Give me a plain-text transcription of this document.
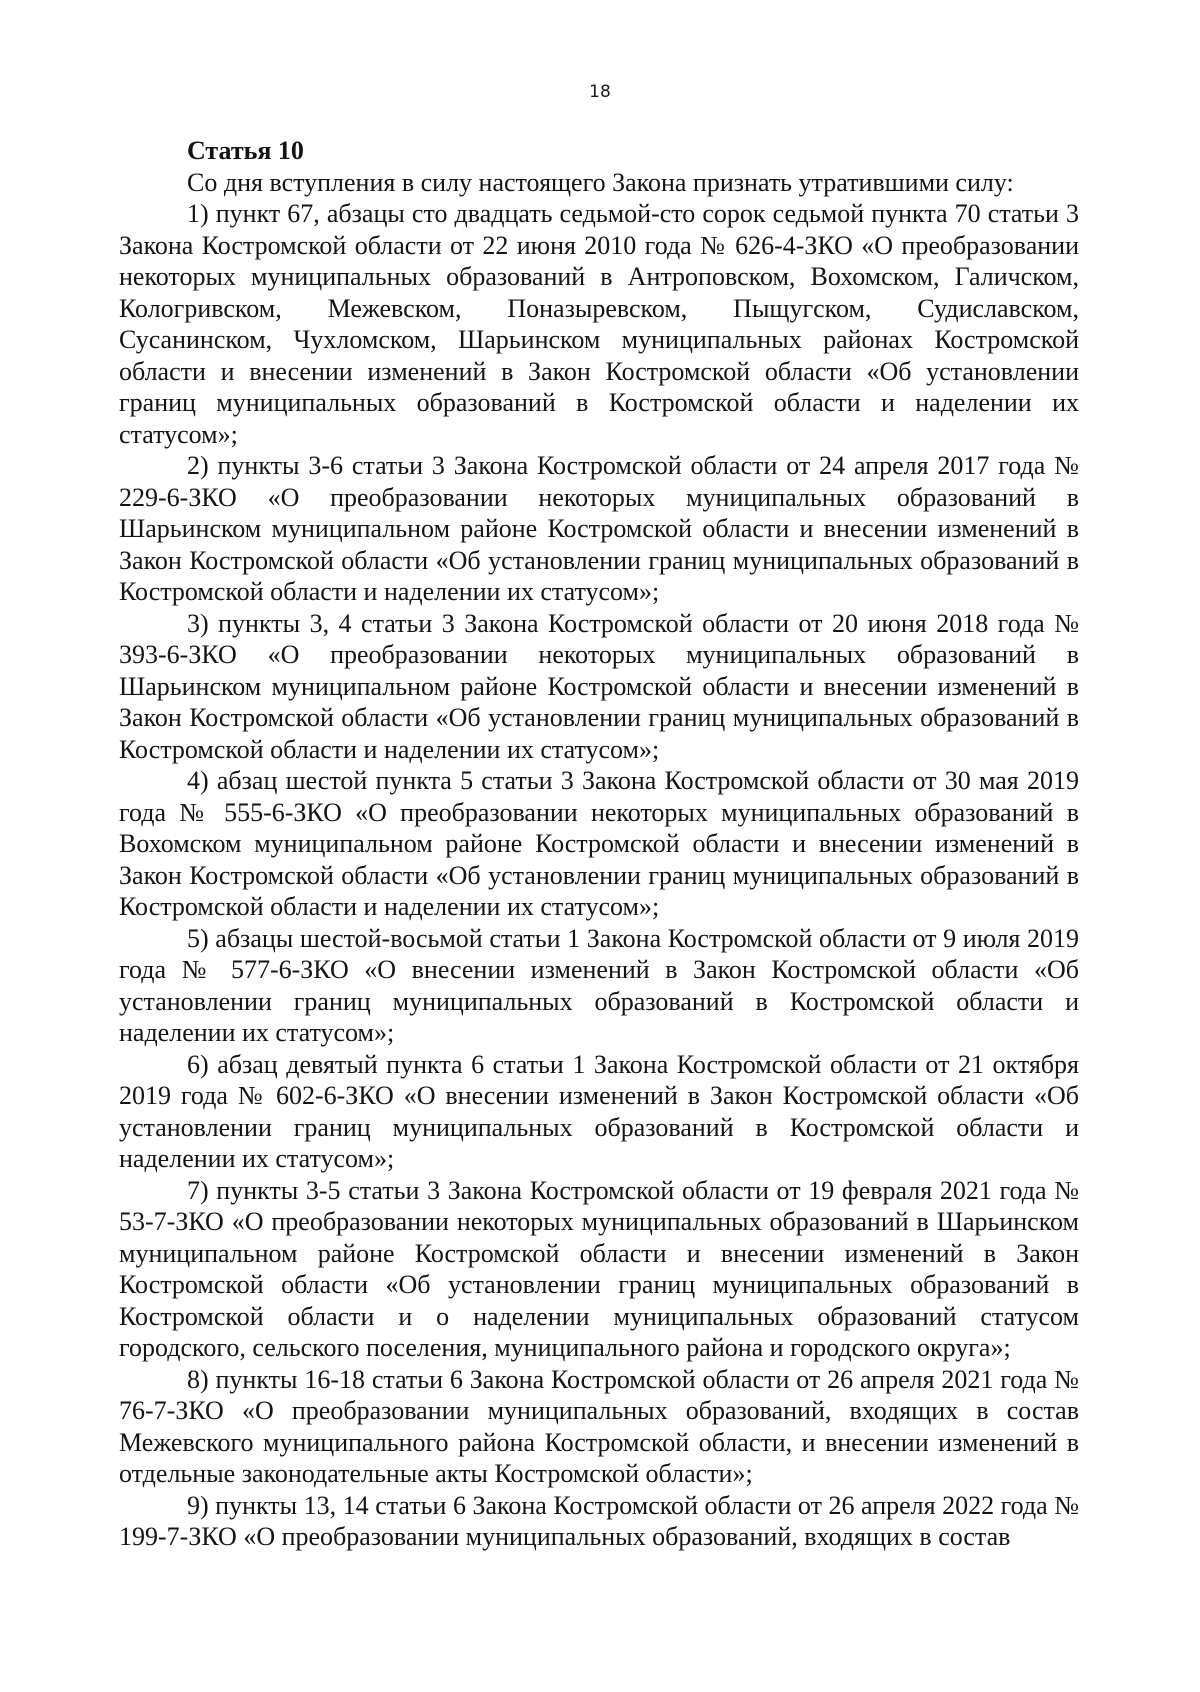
18

Статья 10

Со дня вступления в силу настоящего Закона признать утратившими силу:

1) пункт 67, абзацы сто двадцать седьмой-сто сорок седьмой пункта 70 статьи 3 Закона Костромской области от 22 июня 2010 года № 626-4-ЗКО «О преобразовании некоторых муниципальных образований в Антроповском, Вохомском, Галичском, Кологривском, Межевском, Поназыревском, Пыщугском, Судиславском, Сусанинском, Чухломском, Шарьинском муниципальных районах Костромской области и внесении изменений в Закон Костромской области «Об установлении границ муниципальных образований в Костромской области и наделении их статусом»;

2) пункты 3-6 статьи 3 Закона Костромской области от 24 апреля 2017 года № 229-6-ЗКО «О преобразовании некоторых муниципальных образований в Шарьинском муниципальном районе Костромской области и внесении изменений в Закон Костромской области «Об установлении границ муниципальных образований в Костромской области и наделении их статусом»;

3) пункты 3, 4 статьи 3 Закона Костромской области от 20 июня 2018 года № 393-6-ЗКО «О преобразовании некоторых муниципальных образований в Шарьинском муниципальном районе Костромской области и внесении изменений в Закон Костромской области «Об установлении границ муниципальных образований в Костромской области и наделении их статусом»;

4) абзац шестой пункта 5 статьи 3 Закона Костромской области от 30 мая 2019 года № 555-6-ЗКО «О преобразовании некоторых муниципальных образований в Вохомском муниципальном районе Костромской области и внесении изменений в Закон Костромской области «Об установлении границ муниципальных образований в Костромской области и наделении их статусом»;

5) абзацы шестой-восьмой статьи 1 Закона Костромской области от 9 июля 2019 года № 577-6-ЗКО «О внесении изменений в Закон Костромской области «Об установлении границ муниципальных образований в Костромской области и наделении их статусом»;

6) абзац девятый пункта 6 статьи 1 Закона Костромской области от 21 октября 2019 года № 602-6-ЗКО «О внесении изменений в Закон Костромской области «Об установлении границ муниципальных образований в Костромской области и наделении их статусом»;

7) пункты 3-5 статьи 3 Закона Костромской области от 19 февраля 2021 года № 53-7-ЗКО «О преобразовании некоторых муниципальных образований в Шарьинском муниципальном районе Костромской области и внесении изменений в Закон Костромской области «Об установлении границ муниципальных образований в Костромской области и о наделении муниципальных образований статусом городского, сельского поселения, муниципального района и городского округа»;

8) пункты 16-18 статьи 6 Закона Костромской области от 26 апреля 2021 года № 76-7-ЗКО «О преобразовании муниципальных образований, входящих в состав Межевского муниципального района Костромской области, и внесении изменений в отдельные законодательные акты Костромской области»;

9) пункты 13, 14 статьи 6 Закона Костромской области от 26 апреля 2022 года № 199-7-ЗКО «О преобразовании муниципальных образований, входящих в состав
